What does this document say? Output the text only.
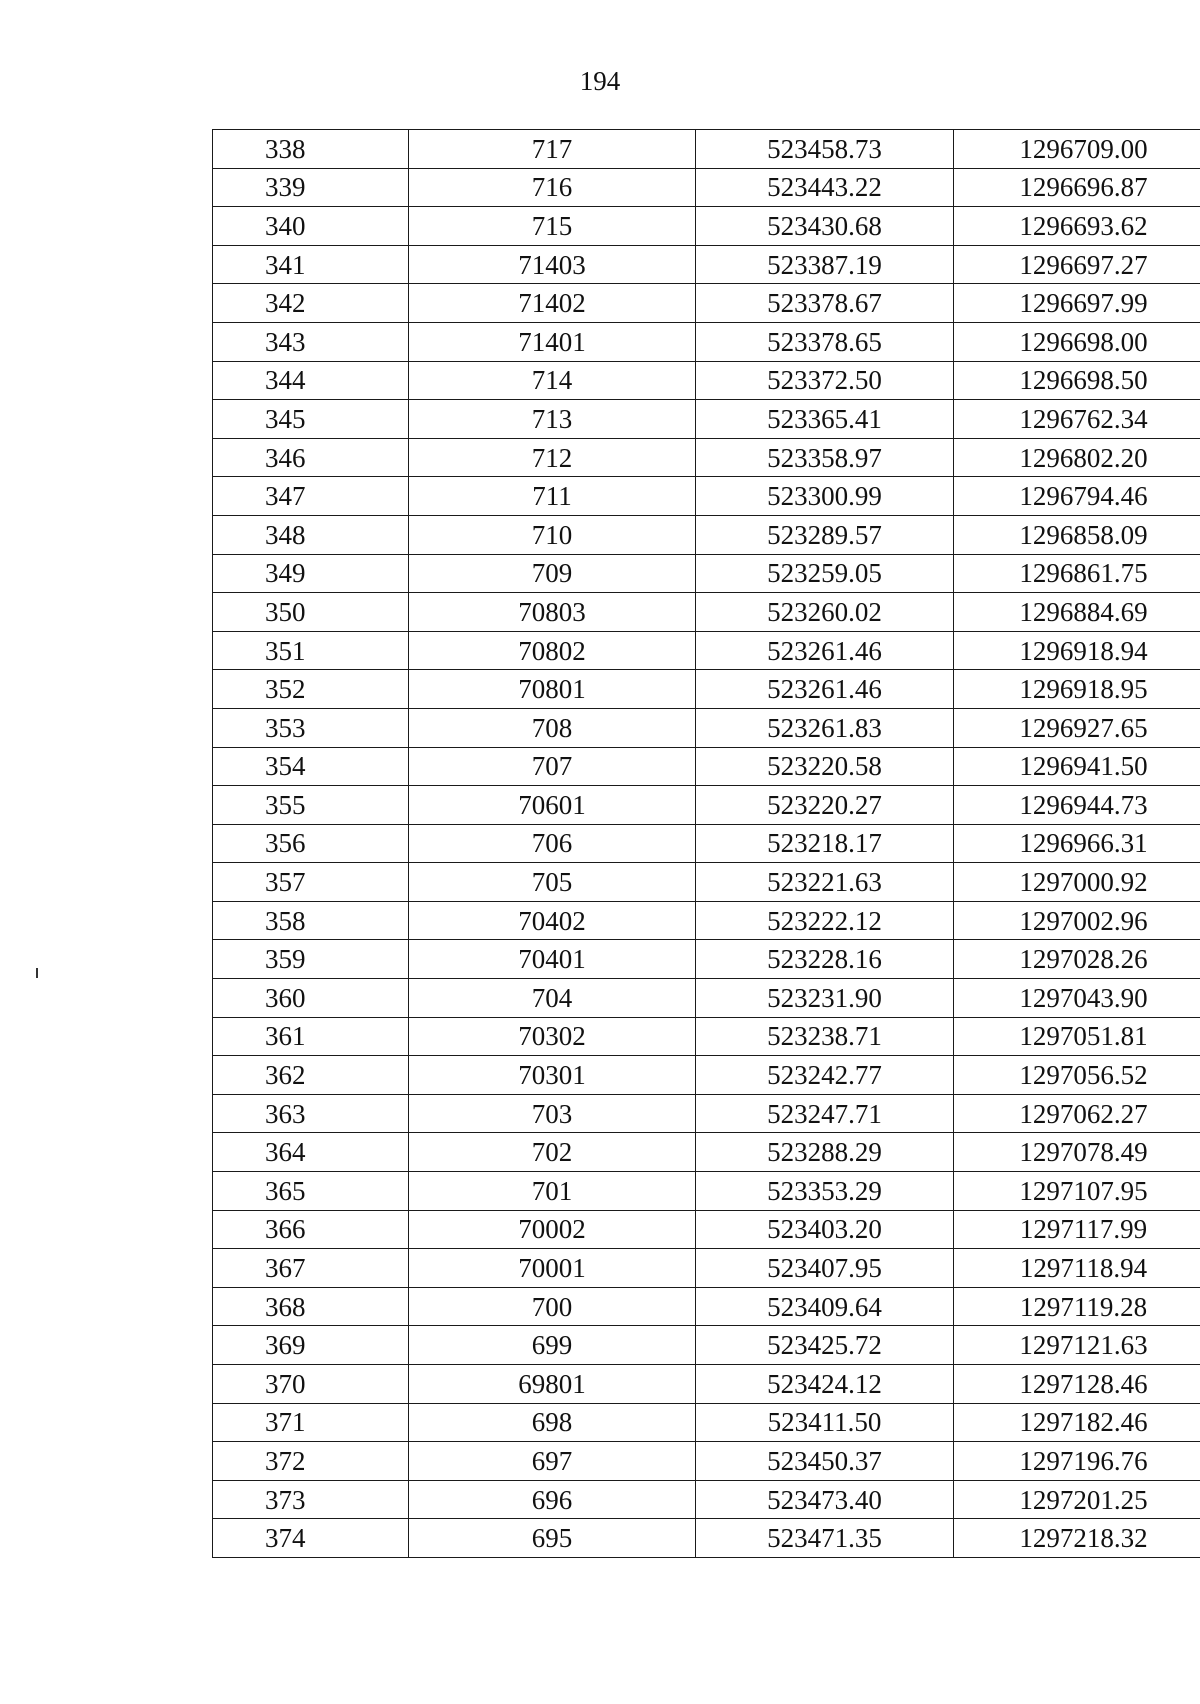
194
338	717	523458.73	1296709.00
339	716	523443.22	1296696.87
340	715	523430.68	1296693.62
341	71403	523387.19	1296697.27
342	71402	523378.67	1296697.99
343	71401	523378.65	1296698.00
344	714	523372.50	1296698.50
345	713	523365.41	1296762.34
346	712	523358.97	1296802.20
347	711	523300.99	1296794.46
348	710	523289.57	1296858.09
349	709	523259.05	1296861.75
350	70803	523260.02	1296884.69
351	70802	523261.46	1296918.94
352	70801	523261.46	1296918.95
353	708	523261.83	1296927.65
354	707	523220.58	1296941.50
355	70601	523220.27	1296944.73
356	706	523218.17	1296966.31
357	705	523221.63	1297000.92
358	70402	523222.12	1297002.96
359	70401	523228.16	1297028.26
360	704	523231.90	1297043.90
361	70302	523238.71	1297051.81
362	70301	523242.77	1297056.52
363	703	523247.71	1297062.27
364	702	523288.29	1297078.49
365	701	523353.29	1297107.95
366	70002	523403.20	1297117.99
367	70001	523407.95	1297118.94
368	700	523409.64	1297119.28
369	699	523425.72	1297121.63
370	69801	523424.12	1297128.46
371	698	523411.50	1297182.46
372	697	523450.37	1297196.76
373	696	523473.40	1297201.25
374	695	523471.35	1297218.32
